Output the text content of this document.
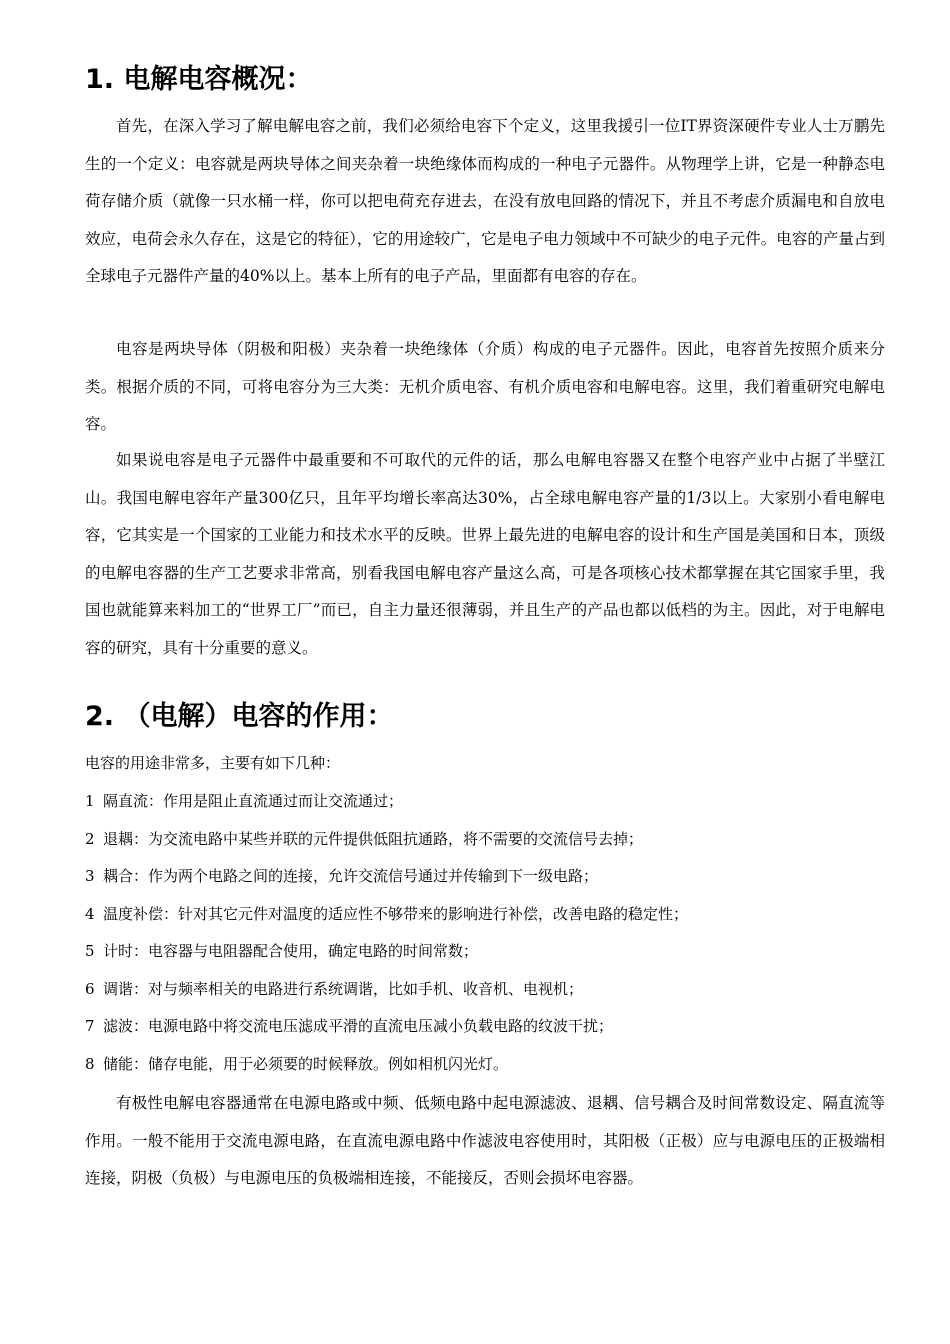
1. 电解电容概况：

首先，在深入学习了解电解电容之前，我们必须给电容下个定义，这里我援引一位IT界资深硬件专业人士万鹏先生的一个定义：电容就是两块导体之间夹杂着一块绝缘体而构成的一种电子元器件。从物理学上讲，它是一种静态电荷存储介质（就像一只水桶一样，你可以把电荷充存进去，在没有放电回路的情况下，并且不考虑介质漏电和自放电效应，电荷会永久存在，这是它的特征），它的用途较广，它是电子电力领域中不可缺少的电子元件。电容的产量占到全球电子元器件产量的40%以上。基本上所有的电子产品，里面都有电容的存在。

电容是两块导体（阴极和阳极）夹杂着一块绝缘体（介质）构成的电子元器件。因此，电容首先按照介质来分类。根据介质的不同，可将电容分为三大类：无机介质电容、有机介质电容和电解电容。这里，我们着重研究电解电容。

如果说电容是电子元器件中最重要和不可取代的元件的话，那么电解电容器又在整个电容产业中占据了半壁江山。我国电解电容年产量300亿只，且年平均增长率高达30%，占全球电解电容产量的1/3以上。大家别小看电解电容，它其实是一个国家的工业能力和技术水平的反映。世界上最先进的电解电容的设计和生产国是美国和日本，顶级的电解电容器的生产工艺要求非常高，别看我国电解电容产量这么高，可是各项核心技术都掌握在其它国家手里，我国也就能算来料加工的“世界工厂”而已，自主力量还很薄弱，并且生产的产品也都以低档的为主。因此，对于电解电容的研究，具有十分重要的意义。

2. （电解）电容的作用：

电容的用途非常多，主要有如下几种：

1 隔直流：作用是阻止直流通过而让交流通过；
2 退耦：为交流电路中某些并联的元件提供低阻抗通路，将不需要的交流信号去掉；
3 耦合：作为两个电路之间的连接，允许交流信号通过并传输到下一级电路；
4 温度补偿：针对其它元件对温度的适应性不够带来的影响进行补偿，改善电路的稳定性；
5 计时：电容器与电阻器配合使用，确定电路的时间常数；
6 调谐：对与频率相关的电路进行系统调谐，比如手机、收音机、电视机；
7 滤波：电源电路中将交流电压滤成平滑的直流电压减小负载电路的纹波干扰；
8 储能：储存电能，用于必须要的时候释放。例如相机闪光灯。

有极性电解电容器通常在电源电路或中频、低频电路中起电源滤波、退耦、信号耦合及时间常数设定、隔直流等作用。一般不能用于交流电源电路，在直流电源电路中作滤波电容使用时，其阳极（正极）应与电源电压的正极端相连接，阴极（负极）与电源电压的负极端相连接，不能接反，否则会损坏电容器。
